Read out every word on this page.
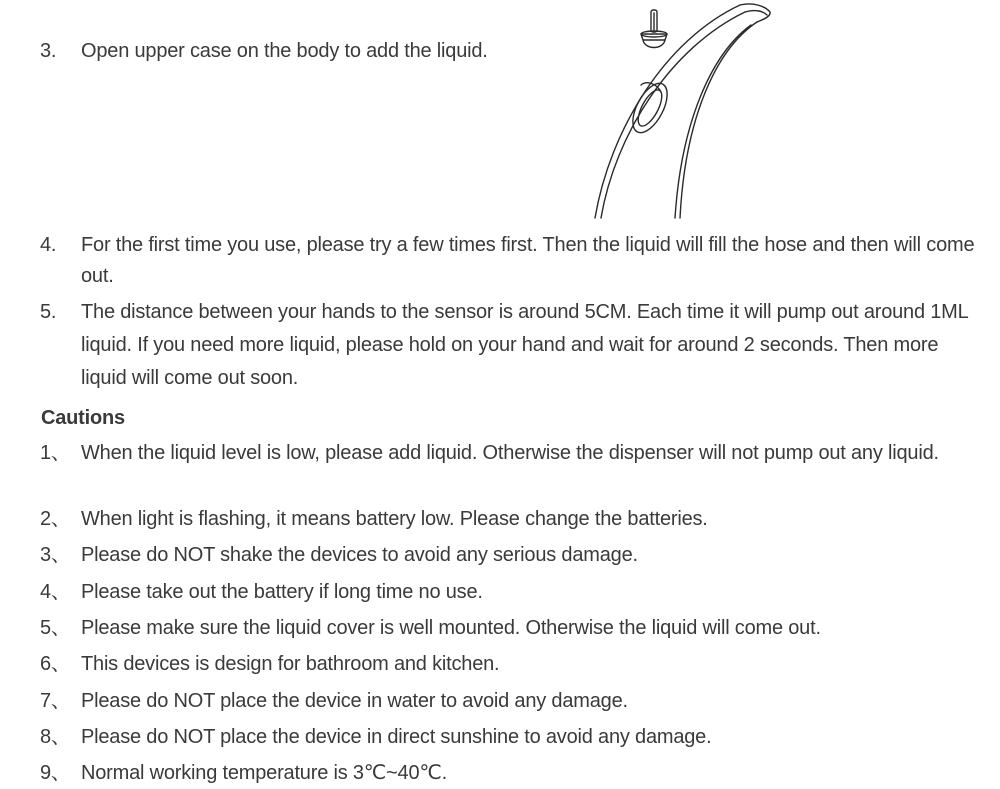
3.	Open upper case on the body to add the liquid.
4.	For the first time you use, please try a few times first. Then the liquid will fill the hose and then will come out.
5.	The distance between your hands to the sensor is around 5CM. Each time it will pump out around 1ML liquid. If you need more liquid, please hold on your hand and wait for around 2 seconds. Then more liquid will come out soon.
Cautions
1、 When the liquid level is low, please add liquid. Otherwise the dispenser will not pump out any liquid.
2、 When light is flashing, it means battery low. Please change the batteries.
3、 Please do NOT shake the devices to avoid any serious damage.
4、 Please take out the battery if long time no use.
5、 Please make sure the liquid cover is well mounted. Otherwise the liquid will come out.
6、 This devices is design for bathroom and kitchen.
7、 Please do NOT place the device in water to avoid any damage.
8、 Please do NOT place the device in direct sunshine to avoid any damage.
9、 Normal working temperature is 3℃~40℃.
